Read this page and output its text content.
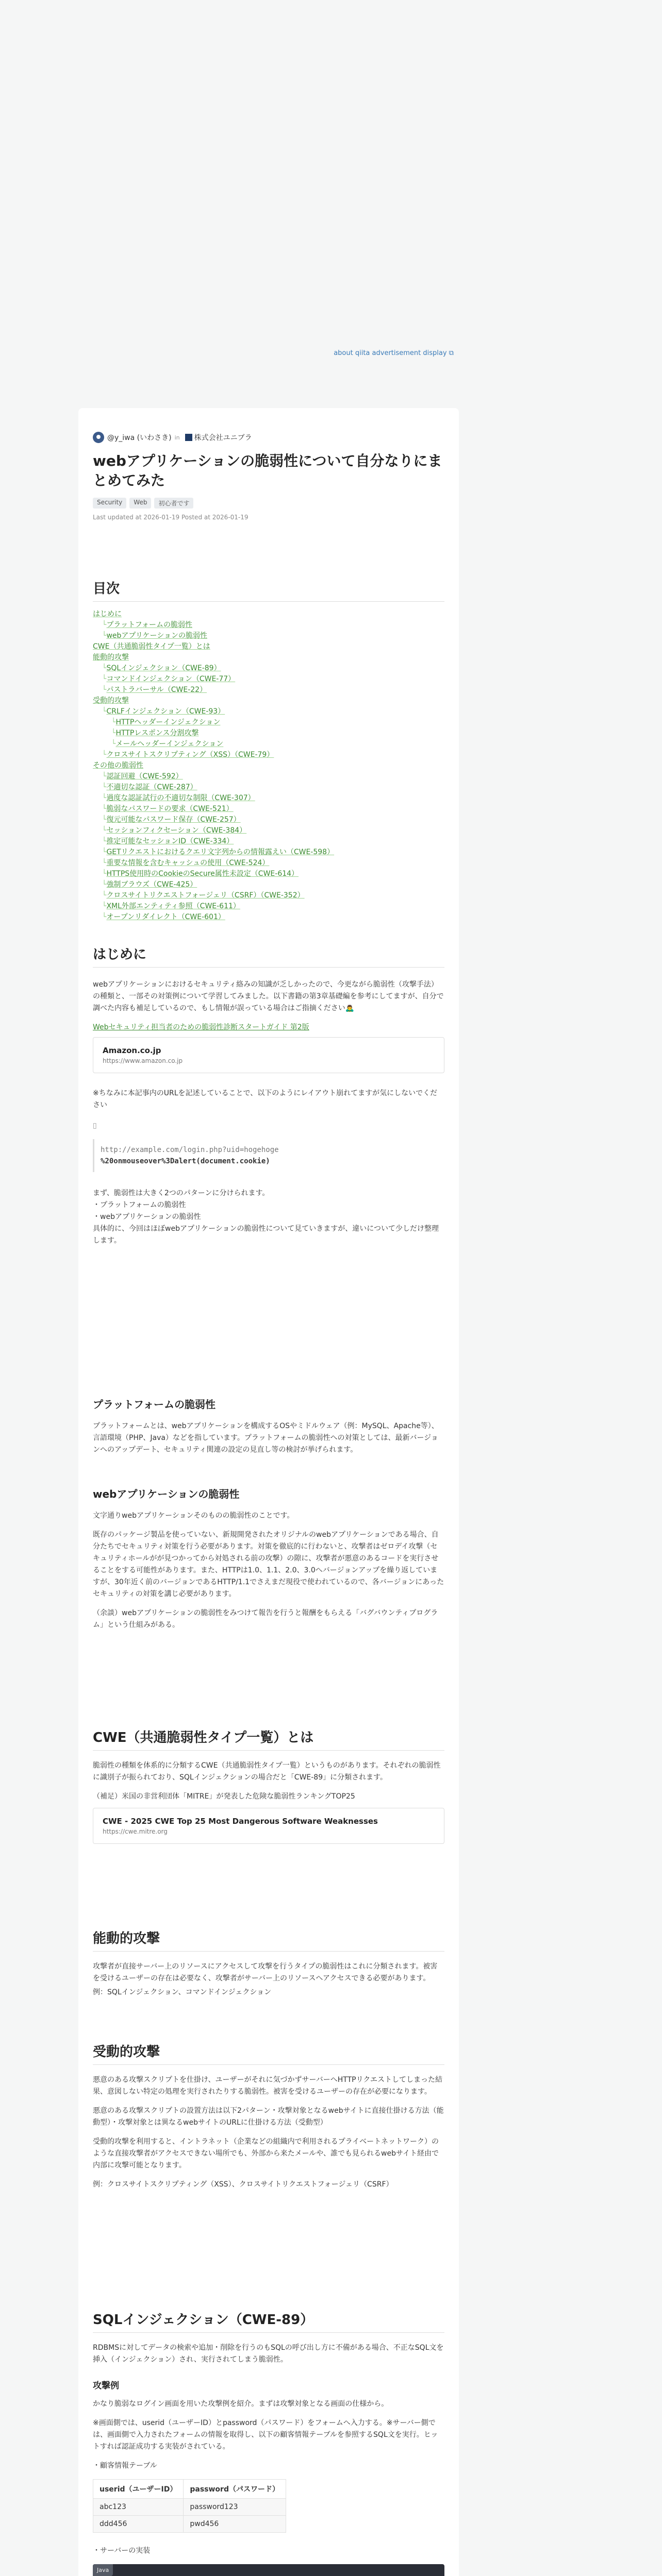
about qiita advertisement display ⧉
@y_iwa (いわさき) in 株式会社ユニブラ
webアプリケーションの脆弱性について自分なりにまとめてみた
Security	Web	初心者です
Last updated at 2026-01-19 Posted at 2026-01-19
目次
はじめに
└プラットフォームの脆弱性
└webアプリケーションの脆弱性
CWE（共通脆弱性タイプ一覧）とは
能動的攻撃
└SQLインジェクション（CWE-89）
└コマンドインジェクション（CWE-77）
└パストラバーサル（CWE-22）
受動的攻撃
└CRLFインジェクション（CWE-93）
└HTTPヘッダーインジェクション
└HTTPレスポンス分割攻撃
└メールヘッダーインジェクション
└クロスサイトスクリプティング（XSS）（CWE-79）
その他の脆弱性
└認証回避（CWE-592）
└不適切な認証（CWE-287）
└過度な認証試行の不適切な制限（CWE-307）
└脆弱なパスワードの要求（CWE-521）
└復元可能なパスワード保存（CWE-257）
└セッションフィクセーション（CWE-384）
└推定可能なセッションID（CWE-334）
└GETリクエストにおけるクエリ文字列からの情報露えい（CWE-598）
└重要な情報を含むキャッシュの使用（CWE-524）
└HTTPS使用時のCookieのSecure属性未設定（CWE-614）
└強制ブラウズ（CWE-425）
└クロスサイトリクエストフォージェリ（CSRF）（CWE-352）
└XML外部エンティティ参照（CWE-611）
└オープンリダイレクト（CWE-601）
はじめに

webアプリケーションにおけるセキュリティ絡みの知識が乏しかったので、今更ながら脆弱性（攻撃手法）の種類と、一部その対策例について学習してみました。以下書籍の第3章基礎編を参考にしてますが、自分で調べた内容も補足しているので、もし情報が誤っている場合はご指摘ください🙇‍♂️

Webセキュリティ担当者のための脆弱性診断スタートガイド 第2版
Amazon.co.jp
https://www.amazon.co.jp

※ちなみに本記事内のURLを記述していることで、以下のようにレイアウト崩れてますが気にしないでください

▯
http://example.com/login.php?uid=hogehoge
%20onmouseover%3Dalert(document.cookie)

まず、脆弱性は大きく2つのパターンに分けられます。

・プラットフォームの脆弱性

・webアプリケーションの脆弱性

具体的に、今回はほぼwebアプリケーションの脆弱性について見ていきますが、違いについて少しだけ整理します。

プラットフォームの脆弱性

プラットフォームとは、webアプリケーションを構成するOSやミドルウェア（例：MySQL、Apache等）、言語環境（PHP、Java）などを指しています。プラットフォームの脆弱性への対策としては、最新バージョンへのアップデート、セキュリティ関連の設定の見直し等の検討が挙げられます。

webアプリケーションの脆弱性

文字通りwebアプリケーションそのものの脆弱性のことです。

既存のパッケージ製品を使っていない、新規開発されたオリジナルのwebアプリケーションである場合、自分たちでセキュリティ対策を行う必要があります。対策を徹底的に行わないと、攻撃者はゼロデイ攻撃（セキュリティホールがが見つかってから対処される前の攻撃）の隙に、攻撃者が悪意のあるコードを実行させることをする可能性があります。また、HTTPは1.0、1.1、2.0、3.0へバージョンアップを繰り返していますが、30年近く前のバージョンであるHTTP/1.1でさえまだ現役で使われているので、各バージョンにあったセキュリティの対策を講じ必要があります。

（余談）webアプリケーションの脆弱性をみつけて報告を行うと報酬をもらえる「バグバウンティプログラム」という仕組みがある。

CWE（共通脆弱性タイプ一覧）とは

脆弱性の種類を体系的に分類するCWE（共通脆弱性タイプ一覧）というものがあります。それぞれの脆弱性に識別子が振られており、SQLインジェクションの場合だと「CWE-89」に分類されます。

（補足）米国の非営利団体「MITRE」が発表した危険な脆弱性ランキングTOP25

CWE - 2025 CWE Top 25 Most Dangerous Software Weaknesses
https://cwe.mitre.org
能動的攻撃

攻撃者が直接サーバー上のリソースにアクセスして攻撃を行うタイプの脆弱性はこれに分類されます。被害を受けるユーザーの存在は必要なく、攻撃者がサーバー上のリソースへアクセスできる必要があります。

例：SQLインジェクション、コマンドインジェクション

受動的攻撃

悪意のある攻撃スクリプトを仕掛け、ユーザーがそれに気づかずサーバーへHTTPリクエストしてしまった結果、意図しない特定の処理を実行されたりする脆弱性。被害を受けるユーザーの存在が必要になります。

悪意のある攻撃スクリプトの設置方法は以下2パターン・攻撃対象となるwebサイトに直接仕掛ける方法（能動型）・攻撃対象とは異なるwebサイトのURLに仕掛ける方法（受動型）

受動的攻撃を利用すると、イントラネット（企業などの組織内で利用されるプライベートネットワーク）のような直接攻撃者がアクセスできない場所でも、外部から来たメールや、誰でも見られるwebサイト経由で内部に攻撃可能となります。

例：クロスサイトスクリプティング（XSS）、クロスサイトリクエストフォージェリ（CSRF）

SQLインジェクション（CWE-89）

RDBMSに対してデータの検索や追加・削除を行うのもSQLの呼び出し方に不備がある場合、不正なSQL文を挿入（インジェクション）され、実行されてしまう脆弱性。

攻撃例

かなり脆弱なログイン画面を用いた攻撃例を紹介。まずは攻撃対象となる画面の仕様から。

※画面側では、userid（ユーザーID）とpassword（パスワード）をフォームへ入力する。※サーバー側では、画面側で入力されたフォームの情報を取得し、以下の顧客情報テーブルを参照するSQL文を実行。ヒットすれば認証成功する実装がされている。

・顧客情報テーブル

userid（ユーザーID）	password（パスワード）
abc123	password123
ddd456	pwd456

・サーバーの実装

Java
